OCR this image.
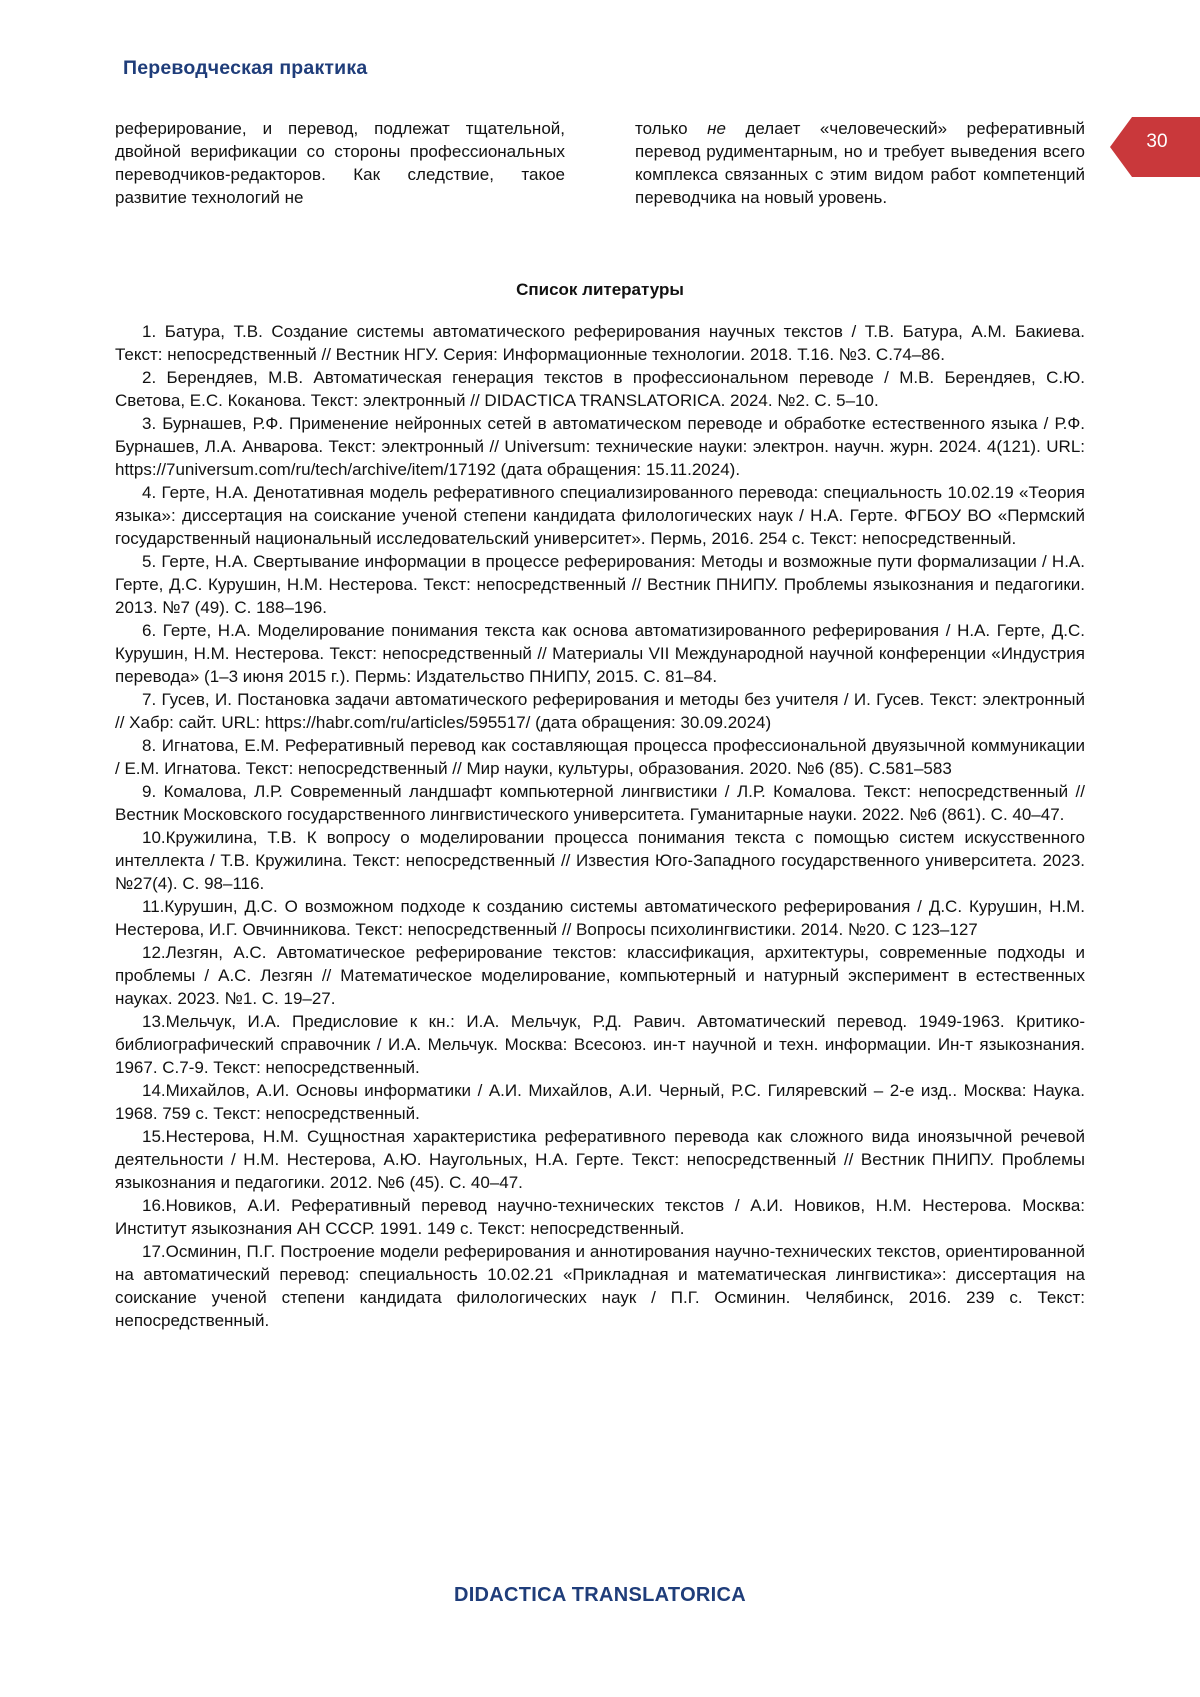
Переводческая практика
30

реферирование, и перевод, подлежат тщательной, двойной верификации со стороны профессиональных переводчиков-редакторов. Как следствие, такое развитие технологий не

только не делает «человеческий» реферативный перевод рудиментарным, но и требует выведения всего комплекса связанных с этим видом работ компетенций переводчика на новый уровень.

Список литературы

1. Батура, Т.В. Создание системы автоматического реферирования научных текстов / Т.В. Батура, А.М. Бакиева. Текст: непосредственный // Вестник НГУ. Серия: Информационные технологии. 2018. Т.16. №3. С.74–86.

2. Берендяев, М.В. Автоматическая генерация текстов в профессиональном переводе / М.В. Берендяев, С.Ю. Светова, Е.С. Коканова. Текст: электронный // DIDACTICA TRANSLATORICA. 2024. №2. С. 5–10.

3. Бурнашев, Р.Ф. Применение нейронных сетей в автоматическом переводе и обработке естественного языка / Р.Ф. Бурнашев, Л.А. Анварова. Текст: электронный // Universum: технические науки: электрон. научн. журн. 2024. 4(121). URL: https://7universum.com/ru/tech/archive/item/17192 (дата обращения: 15.11.2024).

4. Герте, Н.А. Денотативная модель реферативного специализированного перевода: специальность 10.02.19 «Теория языка»: диссертация на соискание ученой степени кандидата филологических наук / Н.А. Герте. ФГБОУ ВО «Пермский государственный национальный исследовательский университет». Пермь, 2016. 254 с. Текст: непосредственный.

5. Герте, Н.А. Свертывание информации в процессе реферирования: Методы и возможные пути формализации / Н.А. Герте, Д.С. Курушин, Н.М. Нестерова. Текст: непосредственный // Вестник ПНИПУ. Проблемы языкознания и педагогики. 2013. №7 (49). С. 188–196.

6. Герте, Н.А. Моделирование понимания текста как основа автоматизированного реферирования / Н.А. Герте, Д.С. Курушин, Н.М. Нестерова. Текст: непосредственный // Материалы VII Международной научной конференции «Индустрия перевода» (1–3 июня 2015 г.). Пермь: Издательство ПНИПУ, 2015. С. 81–84.

7. Гусев, И. Постановка задачи автоматического реферирования и методы без учителя / И. Гусев. Текст: электронный // Хабр: сайт. URL: https://habr.com/ru/articles/595517/ (дата обращения: 30.09.2024)

8. Игнатова, Е.М. Реферативный перевод как составляющая процесса профессиональной двуязычной коммуникации / Е.М. Игнатова. Текст: непосредственный // Мир науки, культуры, образования. 2020. №6 (85). С.581–583

9. Комалова, Л.Р. Современный ландшафт компьютерной лингвистики / Л.Р. Комалова. Текст: непосредственный // Вестник Московского государственного лингвистического университета. Гуманитарные науки. 2022. №6 (861). С. 40–47.

10.Кружилина, Т.В. К вопросу о моделировании процесса понимания текста с помощью систем искусственного интеллекта / Т.В. Кружилина. Текст: непосредственный // Известия Юго-Западного государственного университета. 2023. №27(4). С. 98–116.

11.Курушин, Д.С. О возможном подходе к созданию системы автоматического реферирования / Д.С. Курушин, Н.М. Нестерова, И.Г. Овчинникова. Текст: непосредственный // Вопросы психолингвистики. 2014. №20. С 123–127

12.Лезгян, А.С. Автоматическое реферирование текстов: классификация, архитектуры, современные подходы и проблемы / А.С. Лезгян // Математическое моделирование, компьютерный и натурный эксперимент в естественных науках. 2023. №1. С. 19–27.

13.Мельчук, И.А. Предисловие к кн.: И.А. Мельчук, Р.Д. Равич. Автоматический перевод. 1949-1963. Критико-библиографический справочник / И.А. Мельчук. Москва: Всесоюз. ин-т научной и техн. информации. Ин-т языкознания. 1967. С.7-9. Текст: непосредственный.

14.Михайлов, А.И. Основы информатики / А.И. Михайлов, А.И. Черный, Р.С. Гиляревский – 2-е изд.. Москва: Наука. 1968. 759 с. Текст: непосредственный.

15.Нестерова, Н.М. Сущностная характеристика реферативного перевода как сложного вида иноязычной речевой деятельности / Н.М. Нестерова, А.Ю. Наугольных, Н.А. Герте. Текст: непосредственный // Вестник ПНИПУ. Проблемы языкознания и педагогики. 2012. №6 (45). С. 40–47.

16.Новиков, А.И. Реферативный перевод научно-технических текстов / А.И. Новиков, Н.М. Нестерова. Москва: Институт языкознания АН СССР. 1991. 149 с. Текст: непосредственный.

17.Осминин, П.Г. Построение модели реферирования и аннотирования научно-технических текстов, ориентированной на автоматический перевод: специальность 10.02.21 «Прикладная и математическая лингвистика»: диссертация на соискание ученой степени кандидата филологических наук / П.Г. Осминин. Челябинск, 2016. 239 с. Текст: непосредственный.

DIDACTICA TRANSLATORICA
